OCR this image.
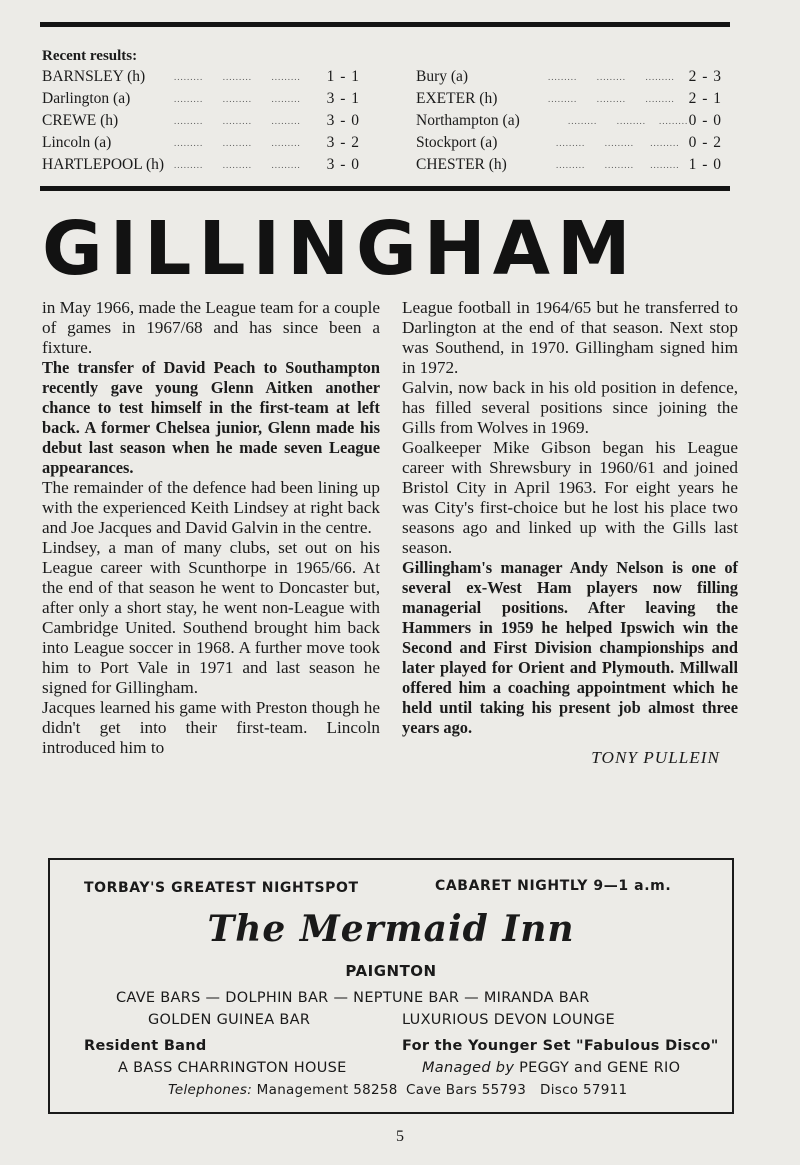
Recent results:
BARNSLEY (h)	.........      .........      ......... 1 - 1
Darlington (a)	.........      .........      ......... 3 - 1
CREWE (h)	.........      .........      ......... 3 - 0
Lincoln (a)	.........      .........      ......... 3 - 2
HARTLEPOOL (h) .........      .........      ......... 3 - 0
Bury (a)	.........      .........      ......... 2 - 3
EXETER (h)	.........      .........      ......... 2 - 1
Northampton (a)	.........      .........    ......... 0 - 0
Stockport (a)	.........      .........     ......... 0 - 2
CHESTER (h)	.........      .........     ......... 1 - 0
GILLINGHAM

in May 1966, made the League team for a couple of games in 1967/68 and has since been a fixture.

The transfer of David Peach to Southampton recently gave young Glenn Aitken another chance to test himself in the first-team at left back. A former Chelsea junior, Glenn made his debut last season when he made seven League appearances.

The remainder of the defence had been lining up with the experienced Keith Lindsey at right back and Joe Jacques and David Galvin in the centre.

Lindsey, a man of many clubs, set out on his League career with Scunthorpe in 1965/66. At the end of that season he went to Doncaster but, after only a short stay, he went non-League with Cambridge United. Southend brought him back into League soccer in 1968. A further move took him to Port Vale in 1971 and last season he signed for Gillingham.

Jacques learned his game with Preston though he didn't get into their first-team. Lincoln introduced him to

League football in 1964/65 but he transferred to Darlington at the end of that season. Next stop was Southend, in 1970. Gillingham signed him in 1972.

Galvin, now back in his old position in defence, has filled several positions since joining the Gills from Wolves in 1969.

Goalkeeper Mike Gibson began his League career with Shrewsbury in 1960/61 and joined Bristol City in April 1963. For eight years he was City's first-choice but he lost his place two seasons ago and linked up with the Gills last season.

Gillingham's manager Andy Nelson is one of several ex-West Ham players now filling managerial positions. After leaving the Hammers in 1959 he helped Ipswich win the Second and First Division championships and later played for Orient and Plymouth. Millwall offered him a coaching appointment which he held until taking his present job almost three years ago.

TONY PULLEIN

TORBAY'S GREATEST NIGHTSPOT	CABARET NIGHTLY 9—1 a.m.
The Mermaid Inn
PAIGNTON
CAVE BARS — DOLPHIN BAR — NEPTUNE BAR — MIRANDA BAR
GOLDEN GUINEA BAR	LUXURIOUS DEVON LOUNGE
Resident Band	For the Younger Set "Fabulous Disco"
A BASS CHARRINGTON HOUSE	Managed by PEGGY and GENE RIO
Telephones: Management 58258 Cave Bars 55793 Disco 57911
5
